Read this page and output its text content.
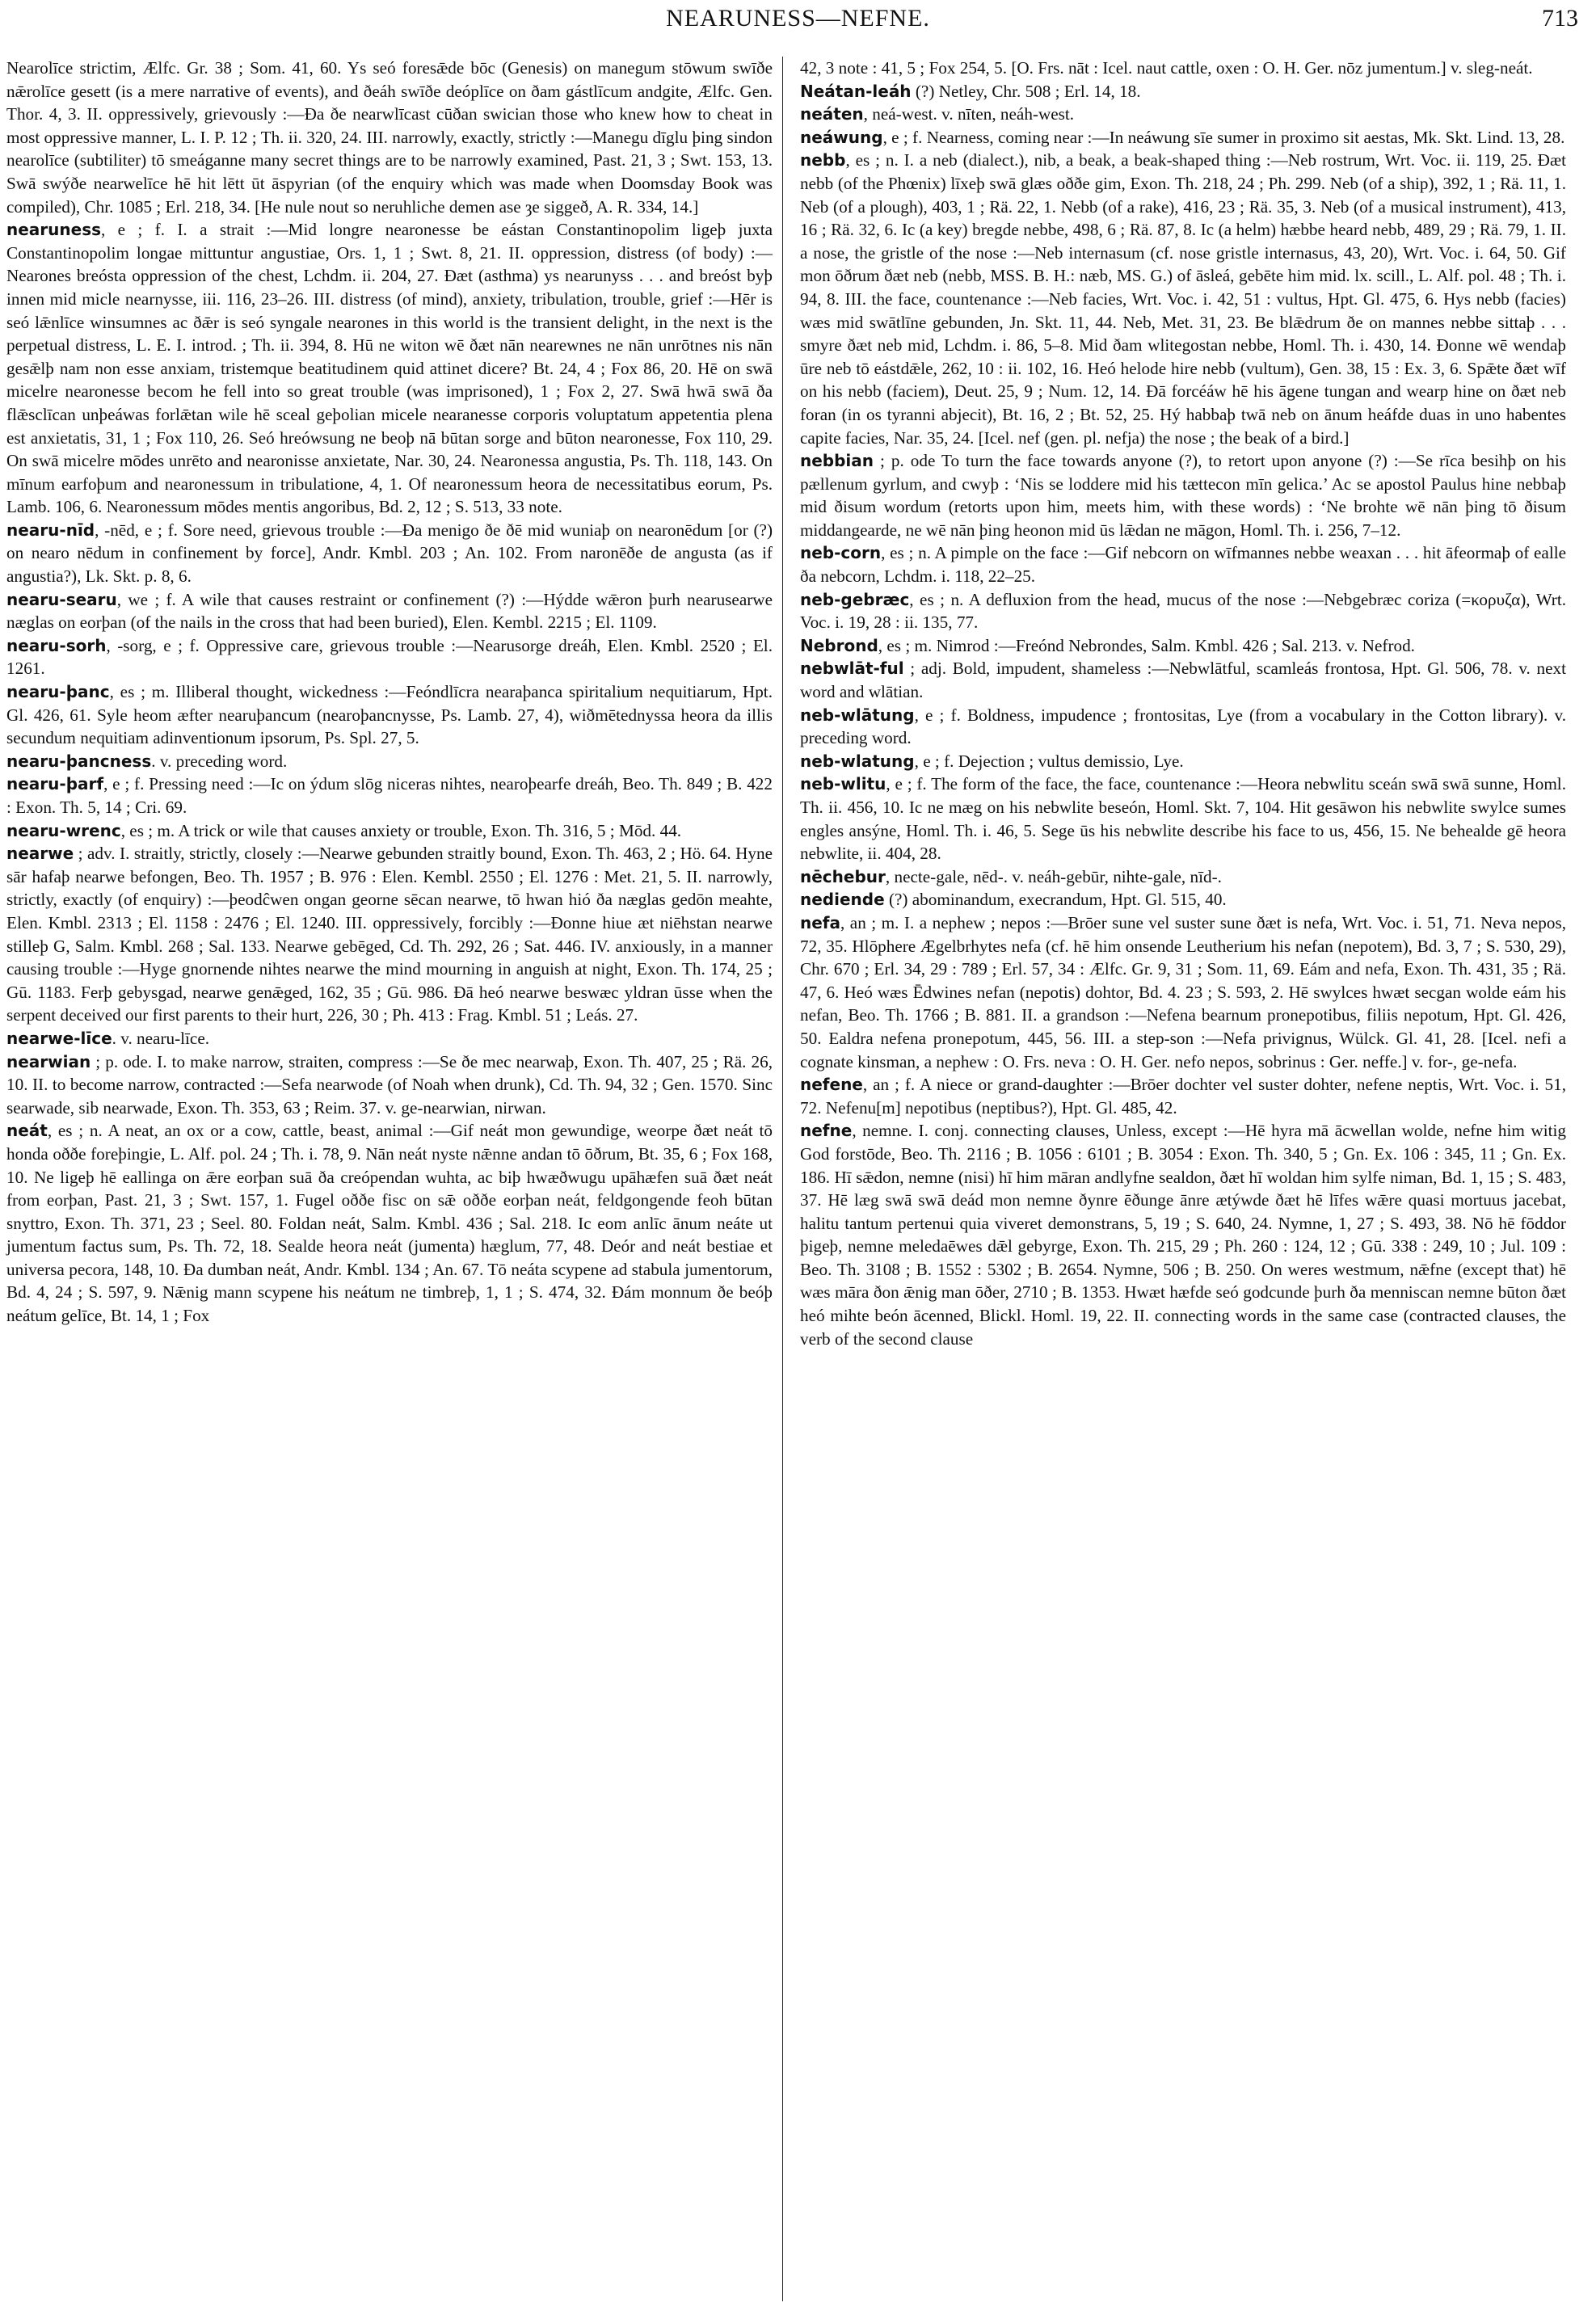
NEARUNESS—NEFNE.	713

Nearolīce strictim, Ælfc. Gr. 38 ; Som. 41, 60. Ys seó foresǣde bōc (Genesis) on manegum stōwum swīðe nǣrolīce gesett (is a mere narrative of events), and ðeáh swīðe deóplīce on ðam gástlīcum andgite, Ælfc. Gen. Thor. 4, 3. II. oppressively, grievously :—Ða ðe nearwlīcast cūðan swician those who knew how to cheat in most oppressive manner, L. I. P. 12 ; Th. ii. 320, 24. III. narrowly, exactly, strictly :—Manegu dīglu þing sindon nearolīce (subtiliter) tō smeáganne many secret things are to be narrowly examined, Past. 21, 3 ; Swt. 153, 13. Swā swýðe nearwelīce hē hit lētt ūt āspyrian (of the enquiry which was made when Doomsday Book was compiled), Chr. 1085 ; Erl. 218, 34. [He nule nout so neruhliche demen ase ȝe siggeð, A. R. 334, 14.]

nearuness, e ; f. I. a strait :—Mid longre nearonesse be eástan Constantinopolim ligeþ juxta Constantinopolim longae mittuntur angustiae, Ors. 1, 1 ; Swt. 8, 21. II. oppression, distress (of body) :—Nearones breósta oppression of the chest, Lchdm. ii. 204, 27. Ðæt (asthma) ys nearunyss . . . and breóst byþ innen mid micle nearnysse, iii. 116, 23–26. III. distress (of mind), anxiety, tribulation, trouble, grief :—Hēr is seó lǣnlīce winsumnes ac ðǣr is seó syngale nearones in this world is the transient delight, in the next is the perpetual distress, L. E. I. introd. ; Th. ii. 394, 8. Hū ne witon wē ðæt nān nearewnes ne nān unrōtnes nis nān gesǣlþ nam non esse anxiam, tristemque beatitudinem quid attinet dicere? Bt. 24, 4 ; Fox 86, 20. Hē on swā micelre nearonesse becom he fell into so great trouble (was imprisoned), 1 ; Fox 2, 27. Swā hwā swā ða flǣsclīcan unþeáwas forlǣtan wile hē sceal geþolian micele nearanesse corporis voluptatum appetentia plena est anxietatis, 31, 1 ; Fox 110, 26. Seó hreówsung ne beoþ nā būtan sorge and būton nearonesse, Fox 110, 29. On swā micelre mōdes unrēto and nearonisse anxietate, Nar. 30, 24. Nearonessa angustia, Ps. Th. 118, 143. On mīnum earfoþum and nearonessum in tribulatione, 4, 1. Of nearonessum heora de necessitatibus eorum, Ps. Lamb. 106, 6. Nearonessum mōdes mentis angoribus, Bd. 2, 12 ; S. 513, 33 note.

nearu-nīd, -nēd, e ; f. Sore need, grievous trouble :—Ða menigo ðe ðē mid wuniaþ on nearonēdum [or (?) on nearo nēdum in confinement by force], Andr. Kmbl. 203 ; An. 102. From naronēðe de angusta (as if angustia?), Lk. Skt. p. 8, 6.

nearu-searu, we ; f. A wile that causes restraint or confinement (?) :—Hýdde wǣron þurh nearusearwe næglas on eorþan (of the nails in the cross that had been buried), Elen. Kembl. 2215 ; El. 1109.

nearu-sorh, -sorg, e ; f. Oppressive care, grievous trouble :—Nearusorge dreáh, Elen. Kmbl. 2520 ; El. 1261.

nearu-þanc, es ; m. Illiberal thought, wickedness :—Feóndlīcra nearaþanca spiritalium nequitiarum, Hpt. Gl. 426, 61. Syle heom æfter nearuþancum (nearoþancnysse, Ps. Lamb. 27, 4), wiðmētednyssa heora da illis secundum nequitiam adinventionum ipsorum, Ps. Spl. 27, 5.

nearu-þancness. v. preceding word.

nearu-þarf, e ; f. Pressing need :—Ic on ýdum slōg niceras nihtes, nearoþearfe dreáh, Beo. Th. 849 ; B. 422 : Exon. Th. 5, 14 ; Cri. 69.

nearu-wrenc, es ; m. A trick or wile that causes anxiety or trouble, Exon. Th. 316, 5 ; Mōd. 44.

nearwe ; adv. I. straitly, strictly, closely :—Nearwe gebunden straitly bound, Exon. Th. 463, 2 ; Hö. 64. Hyne sār hafaþ nearwe befongen, Beo. Th. 1957 ; B. 976 : Elen. Kembl. 2550 ; El. 1276 : Met. 21, 5. II. narrowly, strictly, exactly (of enquiry) :—þeodĉwen ongan georne sēcan nearwe, tō hwan hió ða næglas gedōn meahte, Elen. Kmbl. 2313 ; El. 1158 : 2476 ; El. 1240. III. oppressively, forcibly :—Ðonne hiue æt niēhstan nearwe stilleþ G, Salm. Kmbl. 268 ; Sal. 133. Nearwe gebēged, Cd. Th. 292, 26 ; Sat. 446. IV. anxiously, in a manner causing trouble :—Hyge gnornende nihtes nearwe the mind mourning in anguish at night, Exon. Th. 174, 25 ; Gū. 1183. Ferþ gebysgad, nearwe genǣged, 162, 35 ; Gū. 986. Ðā heó nearwe beswæc yldran ūsse when the serpent deceived our first parents to their hurt, 226, 30 ; Ph. 413 : Frag. Kmbl. 51 ; Leás. 27.

nearwe-līce. v. nearu-līce.

nearwian ; p. ode. I. to make narrow, straiten, compress :—Se ðe mec nearwaþ, Exon. Th. 407, 25 ; Rä. 26, 10. II. to become narrow, contracted :—Sefa nearwode (of Noah when drunk), Cd. Th. 94, 32 ; Gen. 1570. Sinc searwade, sib nearwade, Exon. Th. 353, 63 ; Reim. 37. v. ge-nearwian, nirwan.

neát, es ; n. A neat, an ox or a cow, cattle, beast, animal :—Gif neát mon gewundige, weorpe ðæt neát tō honda oððe foreþingie, L. Alf. pol. 24 ; Th. i. 78, 9. Nān neát nyste nǣnne andan tō ōðrum, Bt. 35, 6 ; Fox 168, 10. Ne ligeþ hē eallinga on ǣre eorþan suā ða creópendan wuhta, ac biþ hwæðwugu upāhæfen suā ðæt neát from eorþan, Past. 21, 3 ; Swt. 157, 1. Fugel oððe fisc on sǣ oððe eorþan neát, feldgongende feoh būtan snyttro, Exon. Th. 371, 23 ; Seel. 80. Foldan neát, Salm. Kmbl. 436 ; Sal. 218. Ic eom anlīc ānum neáte ut jumentum factus sum, Ps. Th. 72, 18. Sealde heora neát (jumenta) hæglum, 77, 48. Deór and neát bestiae et universa pecora, 148, 10. Ða dumban neát, Andr. Kmbl. 134 ; An. 67. Tō neáta scypene ad stabula jumentorum, Bd. 4, 24 ; S. 597, 9. Nǣnig mann scypene his neátum ne timbreþ, 1, 1 ; S. 474, 32. Ðám monnum ðe beóþ neátum gelīce, Bt. 14, 1 ; Fox

42, 3 note : 41, 5 ; Fox 254, 5. [O. Frs. nāt : Icel. naut cattle, oxen : O. H. Ger. nōz jumentum.] v. sleg-neát.

Neátan-leáh (?) Netley, Chr. 508 ; Erl. 14, 18.

neáten, neá-west. v. nīten, neáh-west.

neáwung, e ; f. Nearness, coming near :—In neáwung sīe sumer in proximo sit aestas, Mk. Skt. Lind. 13, 28.

nebb, es ; n. I. a neb (dialect.), nib, a beak, a beak-shaped thing :—Neb rostrum, Wrt. Voc. ii. 119, 25. Ðæt nebb (of the Phœnix) līxeþ swā glæs oððe gim, Exon. Th. 218, 24 ; Ph. 299. Neb (of a ship), 392, 1 ; Rä. 11, 1. Neb (of a plough), 403, 1 ; Rä. 22, 1. Nebb (of a rake), 416, 23 ; Rä. 35, 3. Neb (of a musical instrument), 413, 16 ; Rä. 32, 6. Ic (a key) bregde nebbe, 498, 6 ; Rä. 87, 8. Ic (a helm) hæbbe heard nebb, 489, 29 ; Rä. 79, 1. II. a nose, the gristle of the nose :—Neb internasum (cf. nose gristle internasus, 43, 20), Wrt. Voc. i. 64, 50. Gif mon ōðrum ðæt neb (nebb, MSS. B. H.: næb, MS. G.) of āsleá, gebēte him mid. lx. scill., L. Alf. pol. 48 ; Th. i. 94, 8. III. the face, countenance :—Neb facies, Wrt. Voc. i. 42, 51 : vultus, Hpt. Gl. 475, 6. Hys nebb (facies) wæs mid swātlīne gebunden, Jn. Skt. 11, 44. Neb, Met. 31, 23. Be blǣdrum ðe on mannes nebbe sittaþ . . . smyre ðæt neb mid, Lchdm. i. 86, 5–8. Mid ðam wlitegostan nebbe, Homl. Th. i. 430, 14. Ðonne wē wendaþ ūre neb tō eástdǣle, 262, 10 : ii. 102, 16. Heó helode hire nebb (vultum), Gen. 38, 15 : Ex. 3, 6. Spǣte ðæt wīf on his nebb (faciem), Deut. 25, 9 ; Num. 12, 14. Ðā forcéáw hē his āgene tungan and wearp hine on ðæt neb foran (in os tyranni abjecit), Bt. 16, 2 ; Bt. 52, 25. Hý habbaþ twā neb on ānum heáfde duas in uno habentes capite facies, Nar. 35, 24. [Icel. nef (gen. pl. nefja) the nose ; the beak of a bird.]

nebbian ; p. ode To turn the face towards anyone (?), to retort upon anyone (?) :—Se rīca besihþ on his pællenum gyrlum, and cwyþ : ‘Nis se loddere mid his tættecon mīn gelica.’ Ac se apostol Paulus hine nebbaþ mid ðisum wordum (retorts upon him, meets him, with these words) : ‘Ne brohte wē nān þing tō ðisum middangearde, ne wē nān þing heonon mid ūs lǣdan ne māgon, Homl. Th. i. 256, 7–12.

neb-corn, es ; n. A pimple on the face :—Gif nebcorn on wīfmannes nebbe weaxan . . . hit āfeormaþ of ealle ða nebcorn, Lchdm. i. 118, 22–25.

neb-gebræc, es ; n. A defluxion from the head, mucus of the nose :—Nebgebræc coriza (=κορυζα), Wrt. Voc. i. 19, 28 : ii. 135, 77.

Nebrond, es ; m. Nimrod :—Freónd Nebrondes, Salm. Kmbl. 426 ; Sal. 213. v. Nefrod.

nebwlāt-ful ; adj. Bold, impudent, shameless :—Nebwlātful, scamleás frontosa, Hpt. Gl. 506, 78. v. next word and wlātian.

neb-wlātung, e ; f. Boldness, impudence ; frontositas, Lye (from a vocabulary in the Cotton library). v. preceding word.

neb-wlatung, e ; f. Dejection ; vultus demissio, Lye.

neb-wlitu, e ; f. The form of the face, the face, countenance :—Heora nebwlitu sceán swā swā sunne, Homl. Th. ii. 456, 10. Ic ne mæg on his nebwlite beseón, Homl. Skt. 7, 104. Hit gesāwon his nebwlite swylce sumes engles ansýne, Homl. Th. i. 46, 5. Sege ūs his nebwlite describe his face to us, 456, 15. Ne behealde gē heora nebwlite, ii. 404, 28.

nēchebur, necte-gale, nēd-. v. neáh-gebūr, nihte-gale, nīd-.

nediende (?) abominandum, execrandum, Hpt. Gl. 515, 40.

nefa, an ; m. I. a nephew ; nepos :—Brōer sune vel suster sune ðæt is nefa, Wrt. Voc. i. 51, 71. Neva nepos, 72, 35. Hlōphere Ægelbrhytes nefa (cf. hē him onsende Leutherium his nefan (nepotem), Bd. 3, 7 ; S. 530, 29), Chr. 670 ; Erl. 34, 29 : 789 ; Erl. 57, 34 : Ælfc. Gr. 9, 31 ; Som. 11, 69. Eám and nefa, Exon. Th. 431, 35 ; Rä. 47, 6. Heó wæs Ēdwines nefan (nepotis) dohtor, Bd. 4. 23 ; S. 593, 2. Hē swylces hwæt secgan wolde eám his nefan, Beo. Th. 1766 ; B. 881. II. a grandson :—Nefena bearnum pronepotibus, filiis nepotum, Hpt. Gl. 426, 50. Ealdra nefena pronepotum, 445, 56. III. a step-son :—Nefa privignus, Wülck. Gl. 41, 28. [Icel. nefi a cognate kinsman, a nephew : O. Frs. neva : O. H. Ger. nefo nepos, sobrinus : Ger. neffe.] v. for-, ge-nefa.

nefene, an ; f. A niece or grand-daughter :—Brōer dochter vel suster dohter, nefene neptis, Wrt. Voc. i. 51, 72. Nefenu[m] nepotibus (neptibus?), Hpt. Gl. 485, 42.

nefne, nemne. I. conj. connecting clauses, Unless, except :—Hē hyra mā ācwellan wolde, nefne him witig God forstōde, Beo. Th. 2116 ; B. 1056 : 6101 ; B. 3054 : Exon. Th. 340, 5 ; Gn. Ex. 106 : 345, 11 ; Gn. Ex. 186. Hī sǣdon, nemne (nisi) hī him māran andlyfne sealdon, ðæt hī woldan him sylfe niman, Bd. 1, 15 ; S. 483, 37. Hē læg swā swā deád mon nemne ðynre ēðunge ānre ætýwde ðæt hē līfes wǣre quasi mortuus jacebat, halitu tantum pertenui quia viveret demonstrans, 5, 19 ; S. 640, 24. Nymne, 1, 27 ; S. 493, 38. Nō hē fōddor þigeþ, nemne meledaēwes dǣl gebyrge, Exon. Th. 215, 29 ; Ph. 260 : 124, 12 ; Gū. 338 : 249, 10 ; Jul. 109 : Beo. Th. 3108 ; B. 1552 : 5302 ; B. 2654. Nymne, 506 ; B. 250. On weres westmum, nǣfne (except that) hē wæs māra ðon ǣnig man ōðer, 2710 ; B. 1353. Hwæt hæfde seó godcunde þurh ða menniscan nemne būton ðæt heó mihte beón ācenned, Blickl. Homl. 19, 22. II. connecting words in the same case (contracted clauses, the verb of the second clause
